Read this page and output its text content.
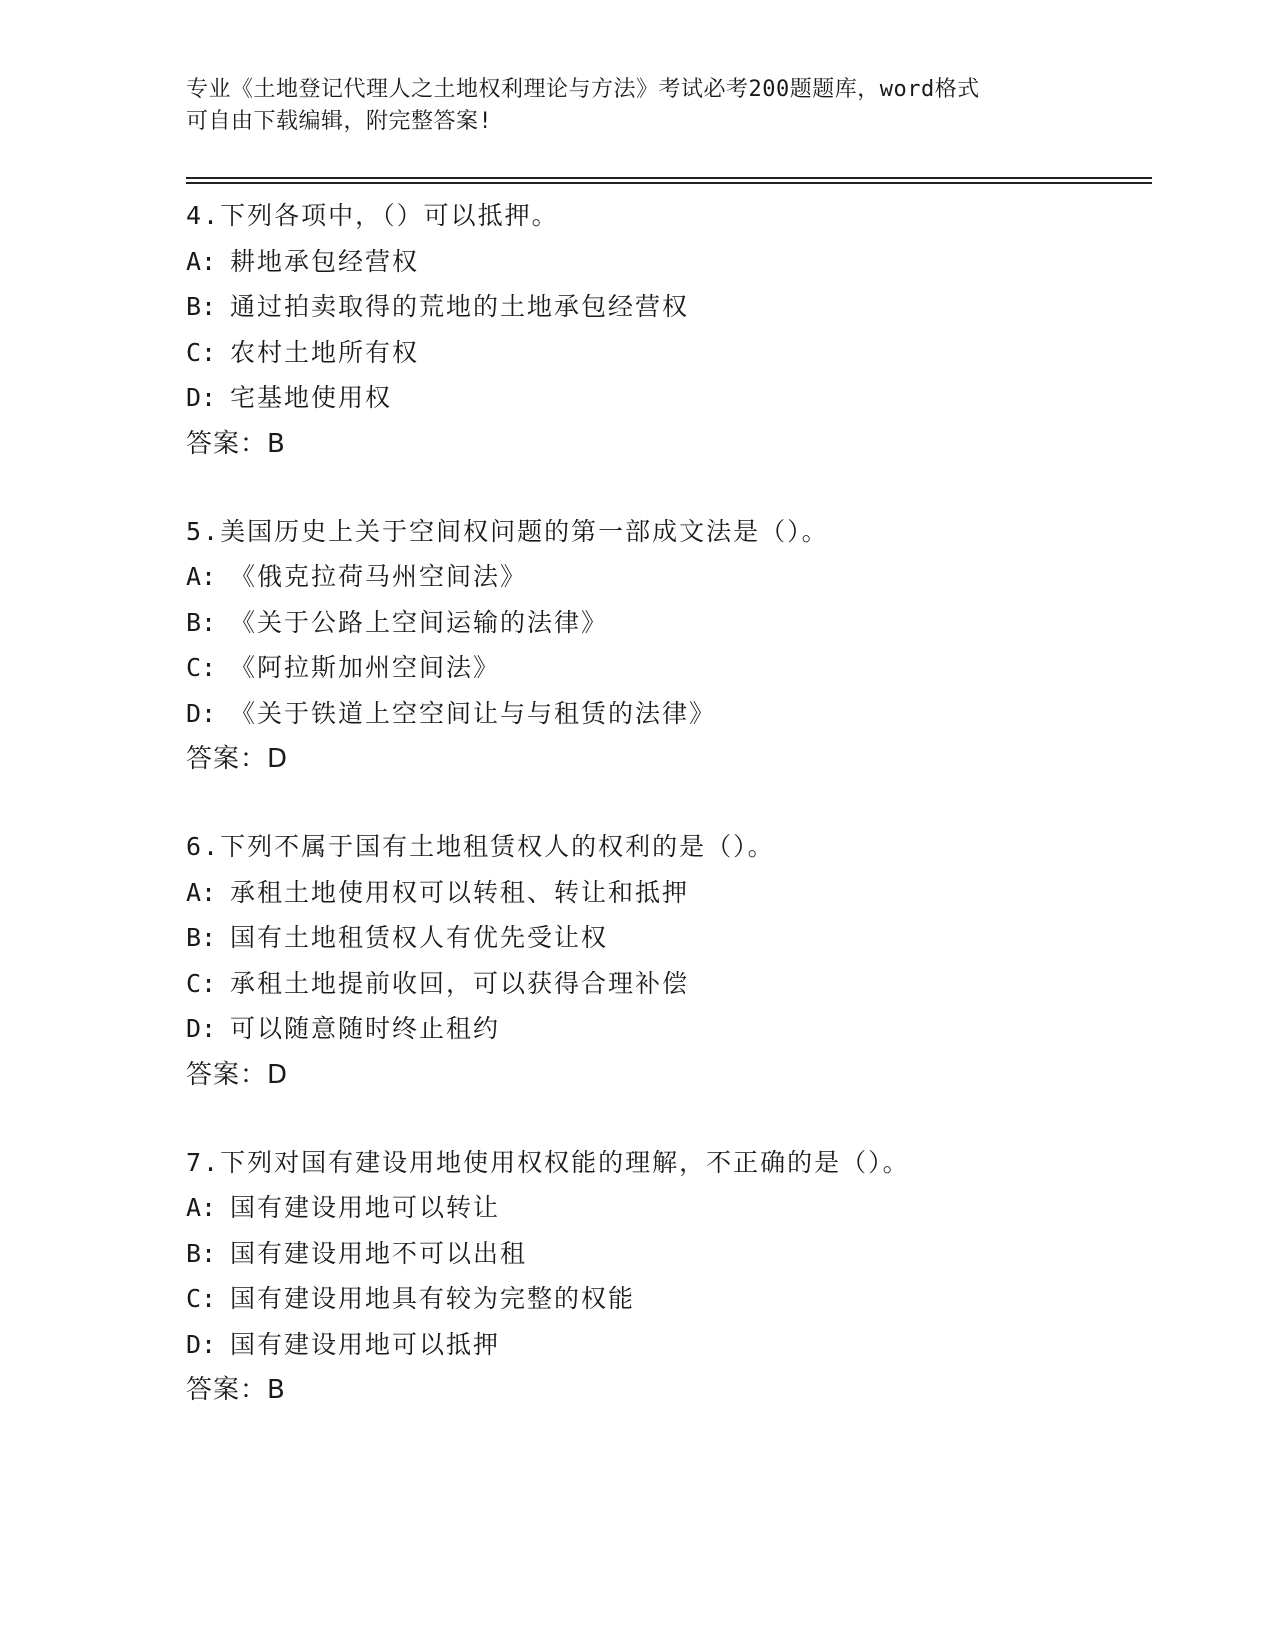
专业《土地登记代理人之土地权利理论与方法》考试必考200题题库，word格式
可自由下载编辑，附完整答案!
4.下列各项中，（）可以抵押。
A: 耕地承包经营权
B: 通过拍卖取得的荒地的土地承包经营权
C: 农村土地所有权
D: 宅基地使用权
答案：B
5.美国历史上关于空间权问题的第一部成文法是（）。
A: 《俄克拉荷马州空间法》
B: 《关于公路上空间运输的法律》
C: 《阿拉斯加州空间法》
D: 《关于铁道上空空间让与与租赁的法律》
答案：D
6.下列不属于国有土地租赁权人的权利的是（）。
A: 承租土地使用权可以转租、转让和抵押
B: 国有土地租赁权人有优先受让权
C: 承租土地提前收回，可以获得合理补偿
D: 可以随意随时终止租约
答案：D
7.下列对国有建设用地使用权权能的理解，不正确的是（）。
A: 国有建设用地可以转让
B: 国有建设用地不可以出租
C: 国有建设用地具有较为完整的权能
D: 国有建设用地可以抵押
答案：B
